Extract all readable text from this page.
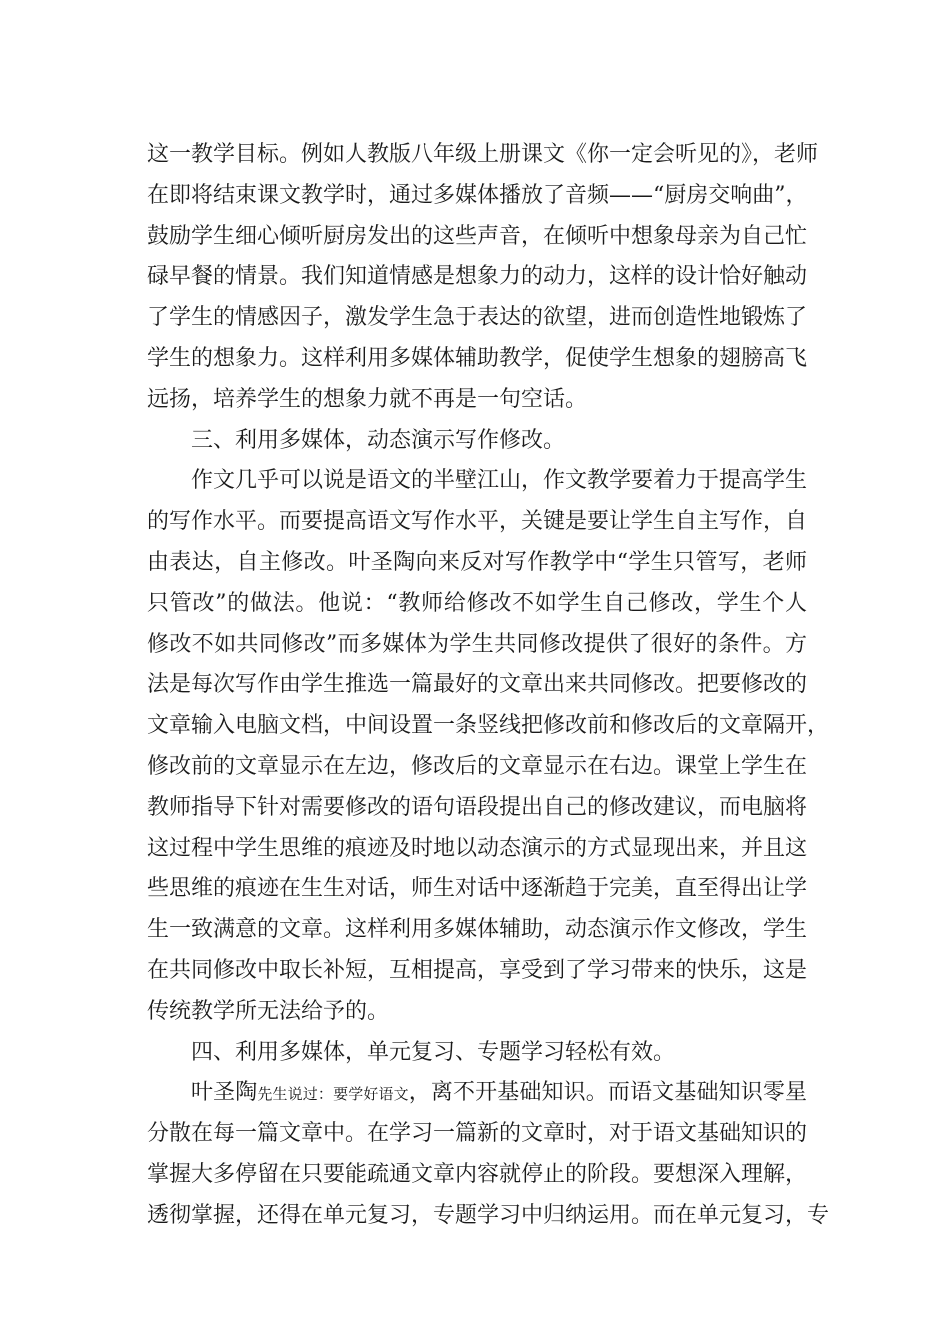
这一教学目标。例如人教版八年级上册课文《你一定会听见的》，老师
在即将结束课文教学时，通过多媒体播放了音频——“厨房交响曲”，
鼓励学生细心倾听厨房发出的这些声音，在倾听中想象母亲为自己忙
碌早餐的情景。我们知道情感是想象力的动力，这样的设计恰好触动
了学生的情感因子，激发学生急于表达的欲望，进而创造性地锻炼了
学生的想象力。这样利用多媒体辅助教学，促使学生想象的翅膀高飞
远扬，培养学生的想象力就不再是一句空话。
三、利用多媒体，动态演示写作修改。
作文几乎可以说是语文的半壁江山，作文教学要着力于提高学生
的写作水平。而要提高语文写作水平，关键是要让学生自主写作，自
由表达，自主修改。叶圣陶向来反对写作教学中“学生只管写，老师
只管改”的做法。他说：“教师给修改不如学生自己修改，学生个人
修改不如共同修改”而多媒体为学生共同修改提供了很好的条件。方
法是每次写作由学生推选一篇最好的文章出来共同修改。把要修改的
文章输入电脑文档，中间设置一条竖线把修改前和修改后的文章隔开，
修改前的文章显示在左边，修改后的文章显示在右边。课堂上学生在
教师指导下针对需要修改的语句语段提出自己的修改建议，而电脑将
这过程中学生思维的痕迹及时地以动态演示的方式显现出来，并且这
些思维的痕迹在生生对话，师生对话中逐渐趋于完美，直至得出让学
生一致满意的文章。这样利用多媒体辅助，动态演示作文修改，学生
在共同修改中取长补短，互相提高，享受到了学习带来的快乐，这是
传统教学所无法给予的。
四、利用多媒体，单元复习、专题学习轻松有效。
叶圣陶先生说过：要学好语文，离不开基础知识。而语文基础知识零星
分散在每一篇文章中。在学习一篇新的文章时，对于语文基础知识的
掌握大多停留在只要能疏通文章内容就停止的阶段。要想深入理解，
透彻掌握，还得在单元复习，专题学习中归纳运用。而在单元复习，专
